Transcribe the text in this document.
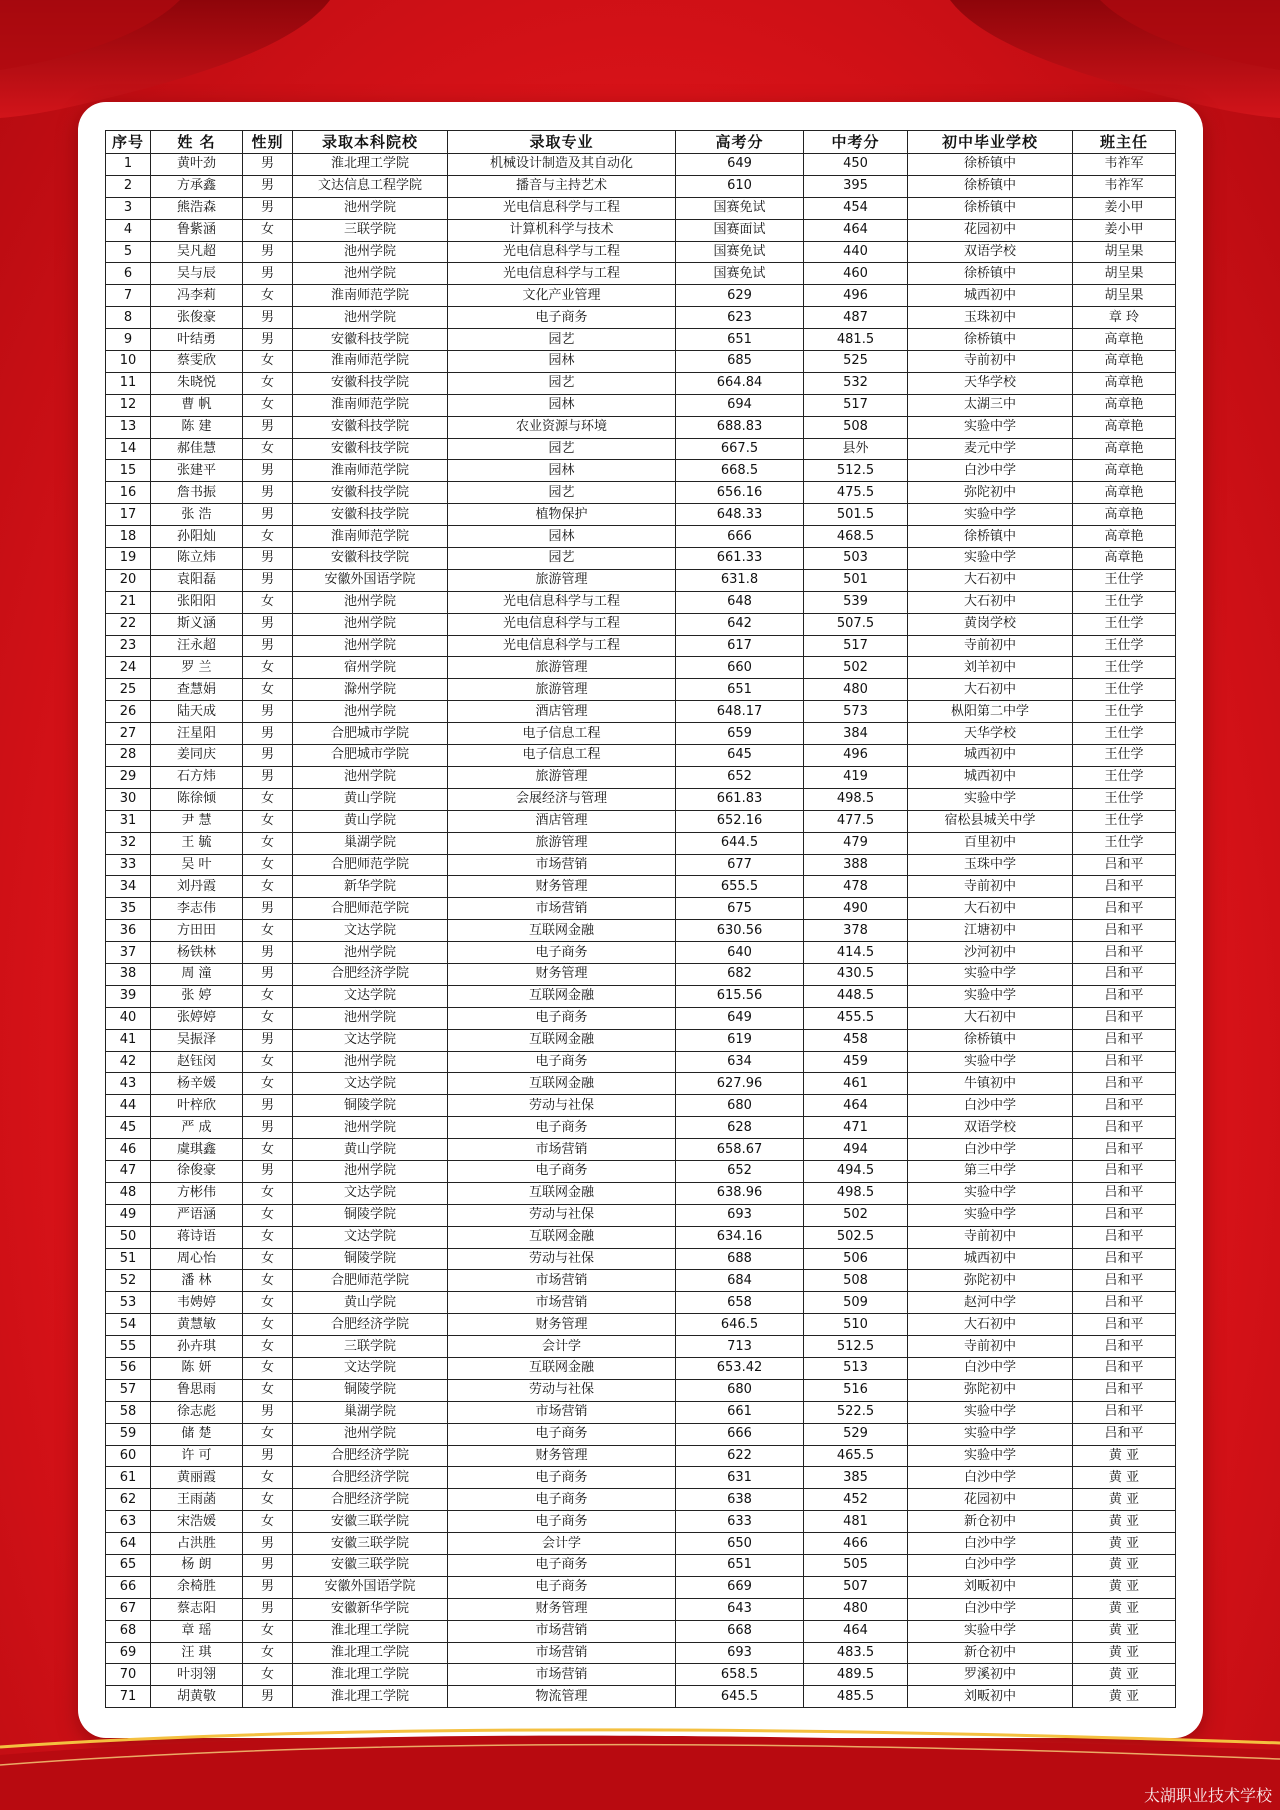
序号	姓 名	性别	录取本科院校	录取专业	高考分	中考分	初中毕业学校	班主任
1	黄叶劲	男	淮北理工学院	机械设计制造及其自动化	649	450	徐桥镇中	韦祚军
2	方承鑫	男	文达信息工程学院	播音与主持艺术	610	395	徐桥镇中	韦祚军
3	熊浩森	男	池州学院	光电信息科学与工程	国赛免试	454	徐桥镇中	姜小甲
4	鲁紫涵	女	三联学院	计算机科学与技术	国赛面试	464	花园初中	姜小甲
5	吴凡超	男	池州学院	光电信息科学与工程	国赛免试	440	双语学校	胡呈果
6	吴与辰	男	池州学院	光电信息科学与工程	国赛免试	460	徐桥镇中	胡呈果
7	冯李莉	女	淮南师范学院	文化产业管理	629	496	城西初中	胡呈果
8	张俊豪	男	池州学院	电子商务	623	487	玉珠初中	章 玲
9	叶结勇	男	安徽科技学院	园艺	651	481.5	徐桥镇中	高章艳
10	蔡雯欣	女	淮南师范学院	园林	685	525	寺前初中	高章艳
11	朱晓悦	女	安徽科技学院	园艺	664.84	532	天华学校	高章艳
12	曹 帆	女	淮南师范学院	园林	694	517	太湖三中	高章艳
13	陈 建	男	安徽科技学院	农业资源与环境	688.83	508	实验中学	高章艳
14	郝佳慧	女	安徽科技学院	园艺	667.5	县外	麦元中学	高章艳
15	张建平	男	淮南师范学院	园林	668.5	512.5	白沙中学	高章艳
16	詹书振	男	安徽科技学院	园艺	656.16	475.5	弥陀初中	高章艳
17	张 浩	男	安徽科技学院	植物保护	648.33	501.5	实验中学	高章艳
18	孙阳灿	女	淮南师范学院	园林	666	468.5	徐桥镇中	高章艳
19	陈立炜	男	安徽科技学院	园艺	661.33	503	实验中学	高章艳
20	袁阳磊	男	安徽外国语学院	旅游管理	631.8	501	大石初中	王仕学
21	张阳阳	女	池州学院	光电信息科学与工程	648	539	大石初中	王仕学
22	斯义涵	男	池州学院	光电信息科学与工程	642	507.5	黄岗学校	王仕学
23	汪永超	男	池州学院	光电信息科学与工程	617	517	寺前初中	王仕学
24	罗 兰	女	宿州学院	旅游管理	660	502	刘羊初中	王仕学
25	查慧娟	女	滁州学院	旅游管理	651	480	大石初中	王仕学
26	陆天成	男	池州学院	酒店管理	648.17	573	枞阳第二中学	王仕学
27	汪星阳	男	合肥城市学院	电子信息工程	659	384	天华学校	王仕学
28	姜同庆	男	合肥城市学院	电子信息工程	645	496	城西初中	王仕学
29	石方炜	男	池州学院	旅游管理	652	419	城西初中	王仕学
30	陈徐倾	女	黄山学院	会展经济与管理	661.83	498.5	实验中学	王仕学
31	尹 慧	女	黄山学院	酒店管理	652.16	477.5	宿松县城关中学	王仕学
32	王 毓	女	巢湖学院	旅游管理	644.5	479	百里初中	王仕学
33	吴 叶	女	合肥师范学院	市场营销	677	388	玉珠中学	吕和平
34	刘丹霞	女	新华学院	财务管理	655.5	478	寺前初中	吕和平
35	李志伟	男	合肥师范学院	市场营销	675	490	大石初中	吕和平
36	方田田	女	文达学院	互联网金融	630.56	378	江塘初中	吕和平
37	杨铁林	男	池州学院	电子商务	640	414.5	沙河初中	吕和平
38	周 潼	男	合肥经济学院	财务管理	682	430.5	实验中学	吕和平
39	张 婷	女	文达学院	互联网金融	615.56	448.5	实验中学	吕和平
40	张婷婷	女	池州学院	电子商务	649	455.5	大石初中	吕和平
41	吴振泽	男	文达学院	互联网金融	619	458	徐桥镇中	吕和平
42	赵钰闵	女	池州学院	电子商务	634	459	实验中学	吕和平
43	杨辛媛	女	文达学院	互联网金融	627.96	461	牛镇初中	吕和平
44	叶梓欣	男	铜陵学院	劳动与社保	680	464	白沙中学	吕和平
45	严 成	男	池州学院	电子商务	628	471	双语学校	吕和平
46	虞琪鑫	女	黄山学院	市场营销	658.67	494	白沙中学	吕和平
47	徐俊豪	男	池州学院	电子商务	652	494.5	第三中学	吕和平
48	方彬伟	女	文达学院	互联网金融	638.96	498.5	实验中学	吕和平
49	严语涵	女	铜陵学院	劳动与社保	693	502	实验中学	吕和平
50	蒋诗语	女	文达学院	互联网金融	634.16	502.5	寺前初中	吕和平
51	周心怡	女	铜陵学院	劳动与社保	688	506	城西初中	吕和平
52	潘 林	女	合肥师范学院	市场营销	684	508	弥陀初中	吕和平
53	韦娉婷	女	黄山学院	市场营销	658	509	赵河中学	吕和平
54	黄慧敏	女	合肥经济学院	财务管理	646.5	510	大石初中	吕和平
55	孙卉琪	女	三联学院	会计学	713	512.5	寺前初中	吕和平
56	陈 妍	女	文达学院	互联网金融	653.42	513	白沙中学	吕和平
57	鲁思雨	女	铜陵学院	劳动与社保	680	516	弥陀初中	吕和平
58	徐志彪	男	巢湖学院	市场营销	661	522.5	实验中学	吕和平
59	储 楚	女	池州学院	电子商务	666	529	实验中学	吕和平
60	许 可	男	合肥经济学院	财务管理	622	465.5	实验中学	黄 亚
61	黄丽霞	女	合肥经济学院	电子商务	631	385	白沙中学	黄 亚
62	王雨菡	女	合肥经济学院	电子商务	638	452	花园初中	黄 亚
63	宋浩媛	女	安徽三联学院	电子商务	633	481	新仓初中	黄 亚
64	占洪胜	男	安徽三联学院	会计学	650	466	白沙中学	黄 亚
65	杨 朗	男	安徽三联学院	电子商务	651	505	白沙中学	黄 亚
66	余椅胜	男	安徽外国语学院	电子商务	669	507	刘畈初中	黄 亚
67	蔡志阳	男	安徽新华学院	财务管理	643	480	白沙中学	黄 亚
68	章 瑶	女	淮北理工学院	市场营销	668	464	实验中学	黄 亚
69	汪 琪	女	淮北理工学院	市场营销	693	483.5	新仓初中	黄 亚
70	叶羽翎	女	淮北理工学院	市场营销	658.5	489.5	罗溪初中	黄 亚
71	胡黄敬	男	淮北理工学院	物流管理	645.5	485.5	刘畈初中	黄 亚
太湖职业技术学校
